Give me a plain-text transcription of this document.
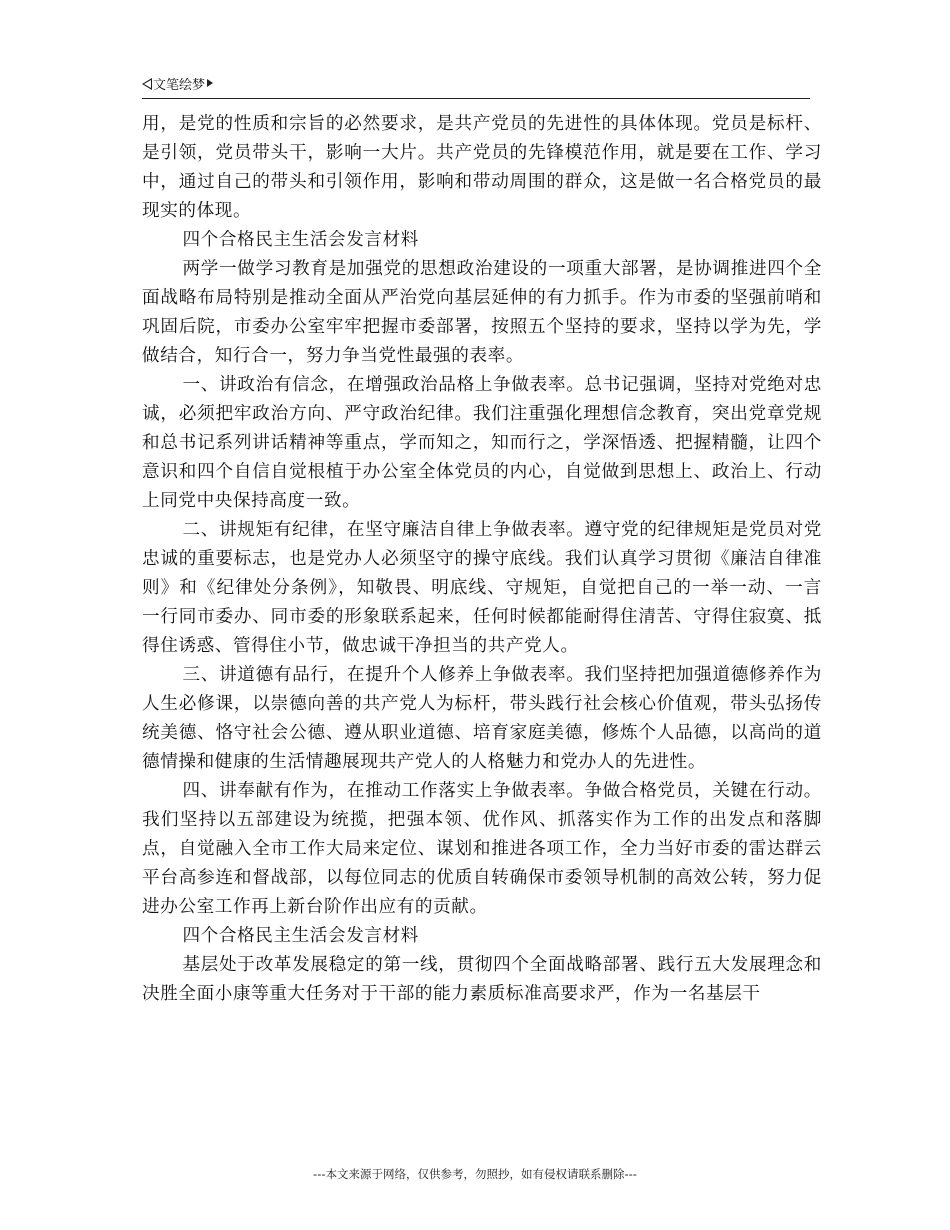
文笔绘梦

用，是党的性质和宗旨的必然要求，是共产党员的先进性的具体体现。党员是标杆、是引领，党员带头干，影响一大片。共产党员的先锋模范作用，就是要在工作、学习中，通过自己的带头和引领作用，影响和带动周围的群众，这是做一名合格党员的最现实的体现。

四个合格民主生活会发言材料

两学一做学习教育是加强党的思想政治建设的一项重大部署，是协调推进四个全面战略布局特别是推动全面从严治党向基层延伸的有力抓手。作为市委的坚强前哨和巩固后院，市委办公室牢牢把握市委部署，按照五个坚持的要求，坚持以学为先，学做结合，知行合一，努力争当党性最强的表率。

一、讲政治有信念，在增强政治品格上争做表率。总书记强调，坚持对党绝对忠诚，必须把牢政治方向、严守政治纪律。我们注重强化理想信念教育，突出党章党规和总书记系列讲话精神等重点，学而知之，知而行之，学深悟透、把握精髓，让四个意识和四个自信自觉根植于办公室全体党员的内心，自觉做到思想上、政治上、行动上同党中央保持高度一致。

二、讲规矩有纪律，在坚守廉洁自律上争做表率。遵守党的纪律规矩是党员对党忠诚的重要标志，也是党办人必须坚守的操守底线。我们认真学习贯彻《廉洁自律准则》和《纪律处分条例》，知敬畏、明底线、守规矩，自觉把自己的一举一动、一言一行同市委办、同市委的形象联系起来，任何时候都能耐得住清苦、守得住寂寞、抵得住诱惑、管得住小节，做忠诚干净担当的共产党人。

三、讲道德有品行，在提升个人修养上争做表率。我们坚持把加强道德修养作为人生必修课，以崇德向善的共产党人为标杆，带头践行社会核心价值观，带头弘扬传统美德、恪守社会公德、遵从职业道德、培育家庭美德，修炼个人品德，以高尚的道德情操和健康的生活情趣展现共产党人的人格魅力和党办人的先进性。

四、讲奉献有作为，在推动工作落实上争做表率。争做合格党员，关键在行动。我们坚持以五部建设为统揽，把强本领、优作风、抓落实作为工作的出发点和落脚点，自觉融入全市工作大局来定位、谋划和推进各项工作，全力当好市委的雷达群云平台高参连和督战部，以每位同志的优质自转确保市委领导机制的高效公转，努力促进办公室工作再上新台阶作出应有的贡献。

四个合格民主生活会发言材料

基层处于改革发展稳定的第一线，贯彻四个全面战略部署、践行五大发展理念和决胜全面小康等重大任务对于干部的能力素质标准高要求严，作为一名基层干

---本文来源于网络，仅供参考，勿照抄，如有侵权请联系删除---
